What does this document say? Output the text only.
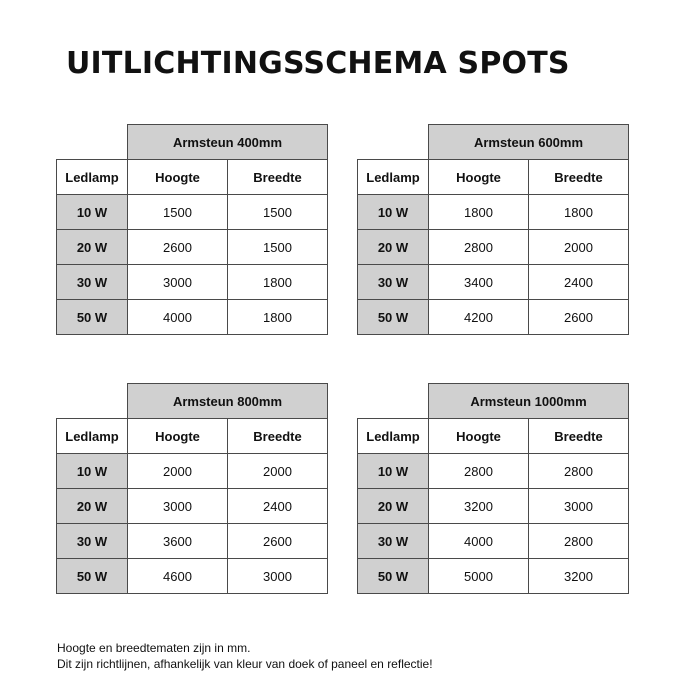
UITLICHTINGSSCHEMA SPOTS
Armsteun 400mm
Ledlamp	Hoogte	Breedte
10 W	1500	1500
20 W	2600	1500
30 W	3000	1800
50 W	4000	1800
Armsteun 600mm
Ledlamp	Hoogte	Breedte
10 W	1800	1800
20 W	2800	2000
30 W	3400	2400
50 W	4200	2600
Armsteun 800mm
Ledlamp	Hoogte	Breedte
10 W	2000	2000
20 W	3000	2400
30 W	3600	2600
50 W	4600	3000
Armsteun 1000mm
Ledlamp	Hoogte	Breedte
10 W	2800	2800
20 W	3200	3000
30 W	4000	2800
50 W	5000	3200
Hoogte en breedtematen zijn in mm.
Dit zijn richtlijnen, afhankelijk van kleur van doek of paneel en reflectie!
